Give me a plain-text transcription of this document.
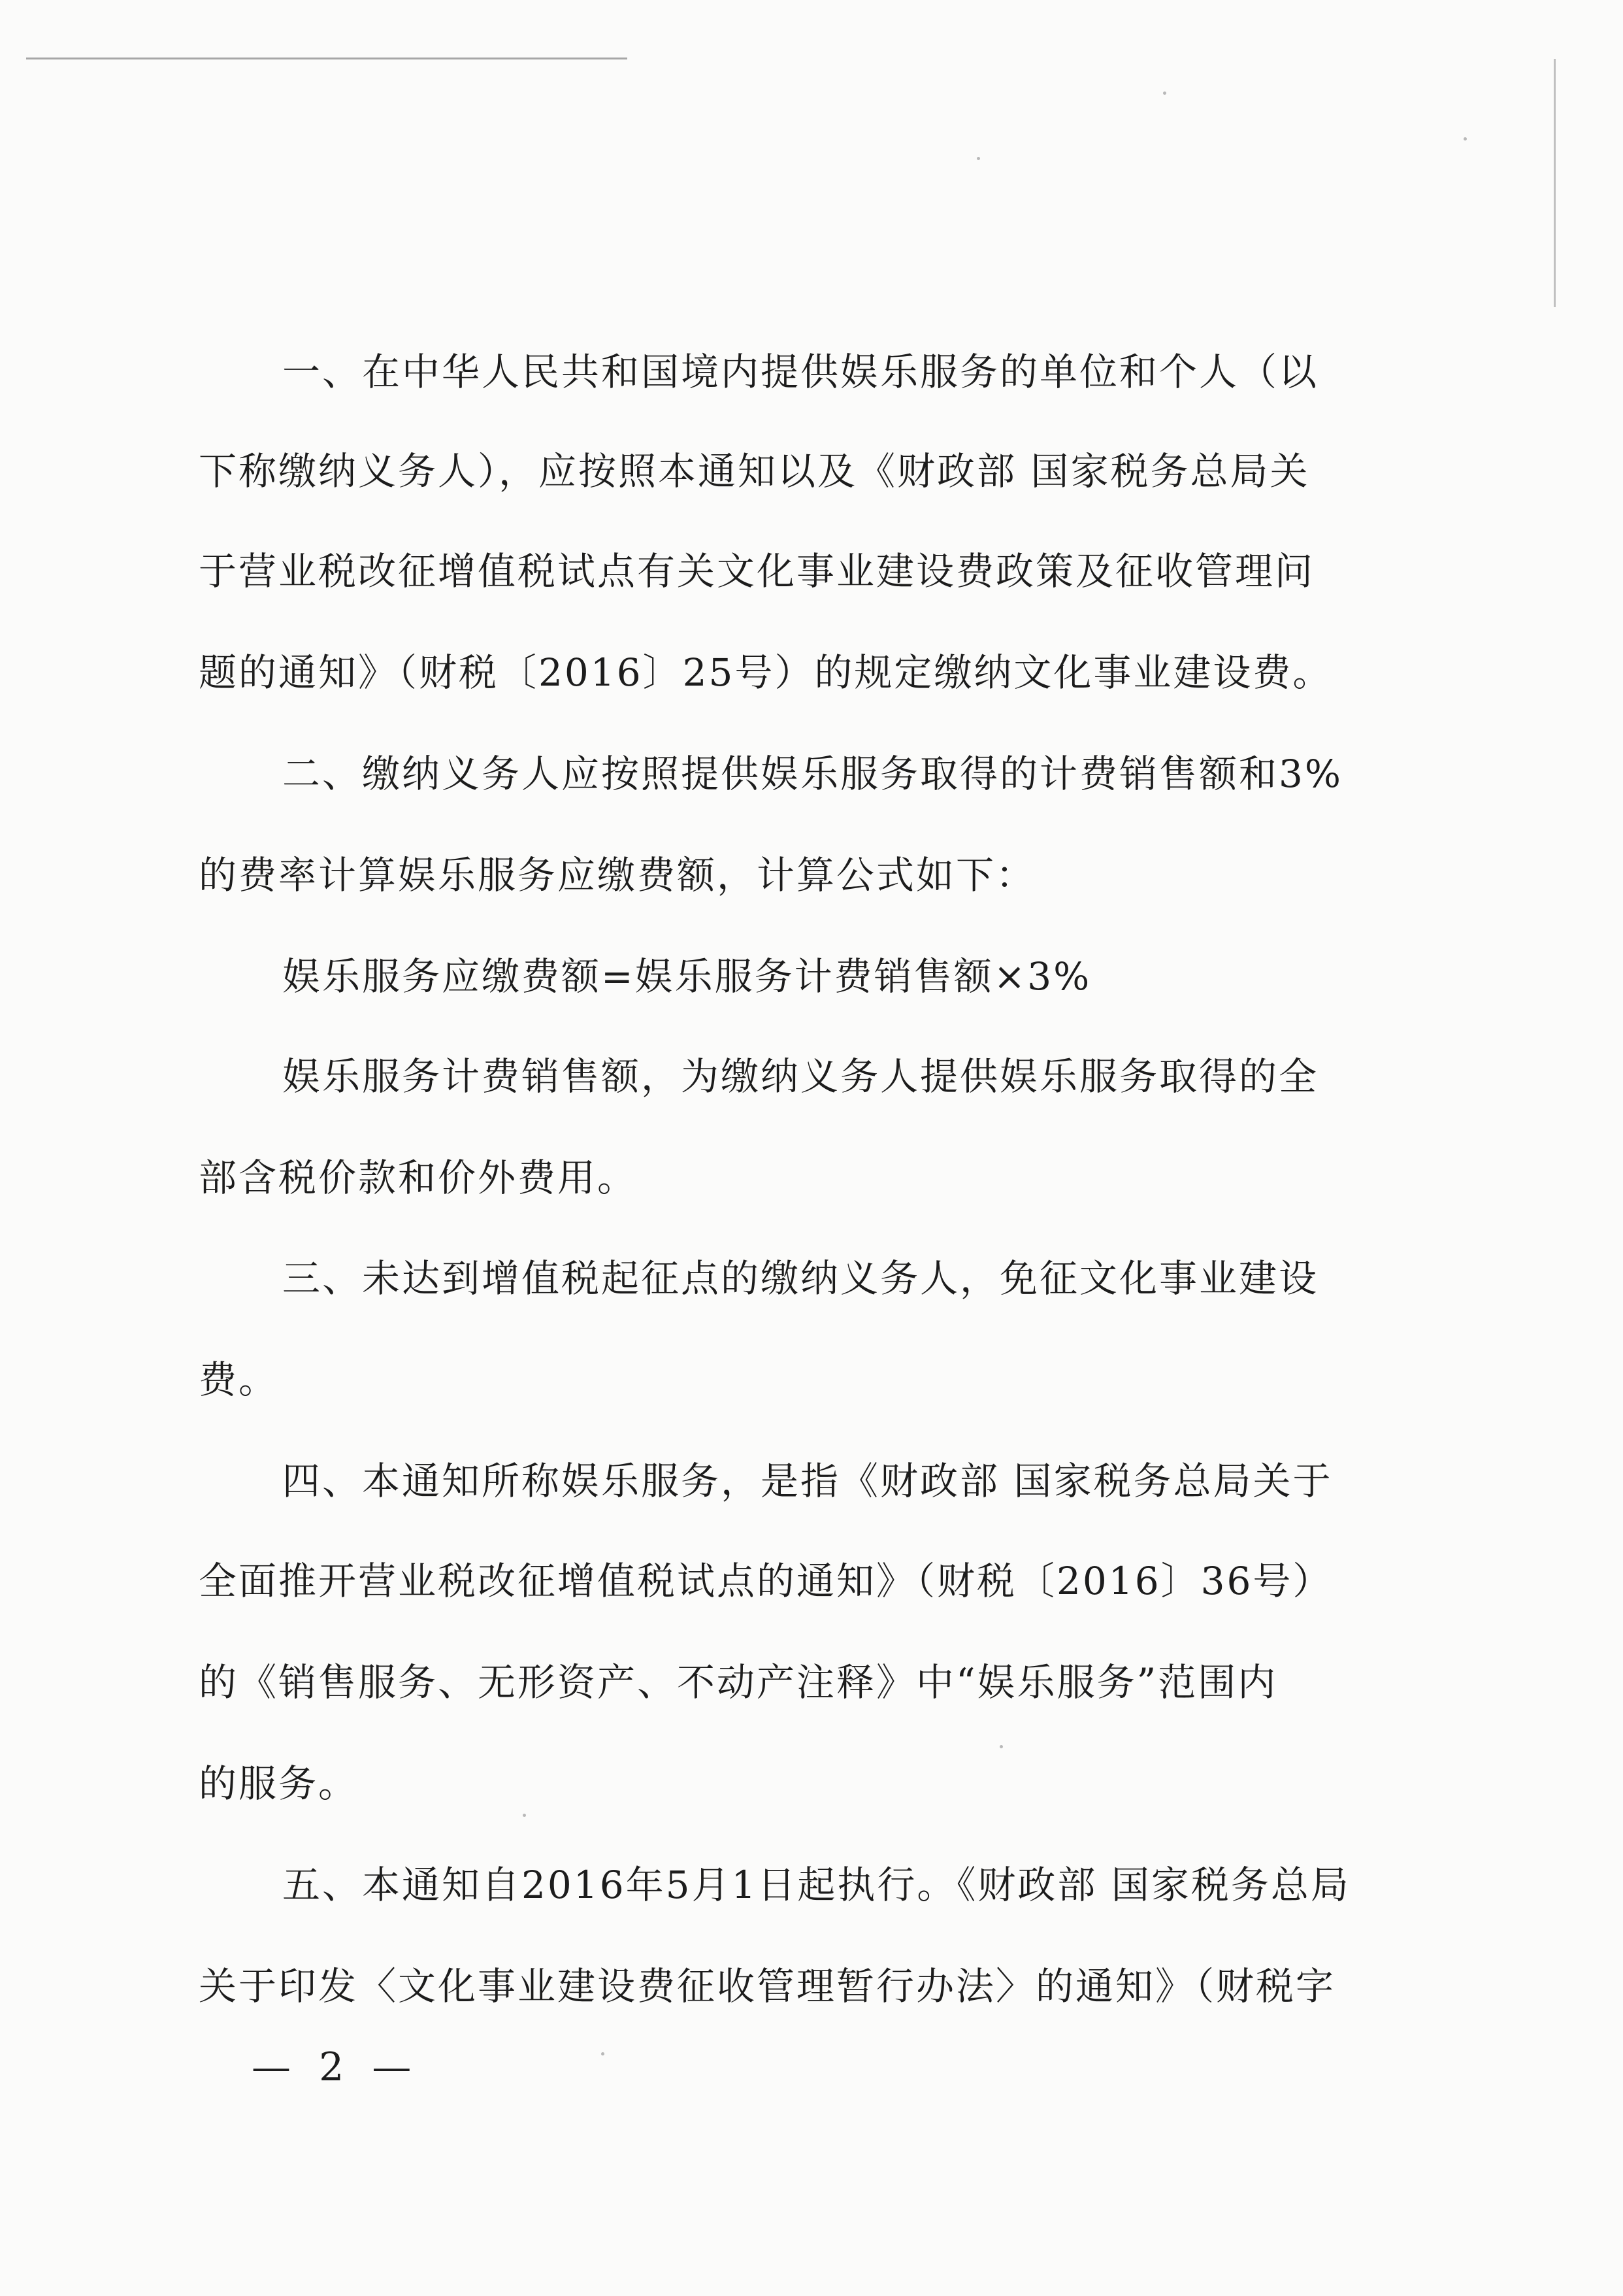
一、在中华人民共和国境内提供娱乐服务的单位和个人（以
下称缴纳义务人），应按照本通知以及《财政部 国家税务总局关
于营业税改征增值税试点有关文化事业建设费政策及征收管理问
题的通知》（财税〔2016〕25号）的规定缴纳文化事业建设费。
二、缴纳义务人应按照提供娱乐服务取得的计费销售额和3%
的费率计算娱乐服务应缴费额，计算公式如下：
娱乐服务应缴费额=娱乐服务计费销售额×3%
娱乐服务计费销售额，为缴纳义务人提供娱乐服务取得的全
部含税价款和价外费用。
三、未达到增值税起征点的缴纳义务人，免征文化事业建设
费。
四、本通知所称娱乐服务，是指《财政部 国家税务总局关于
全面推开营业税改征增值税试点的通知》（财税〔2016〕36号）
的《销售服务、无形资产、不动产注释》中“娱乐服务”范围内
的服务。
五、本通知自2016年5月1日起执行。《财政部 国家税务总局
关于印发〈文化事业建设费征收管理暂行办法〉的通知》（财税字
— 2 —
